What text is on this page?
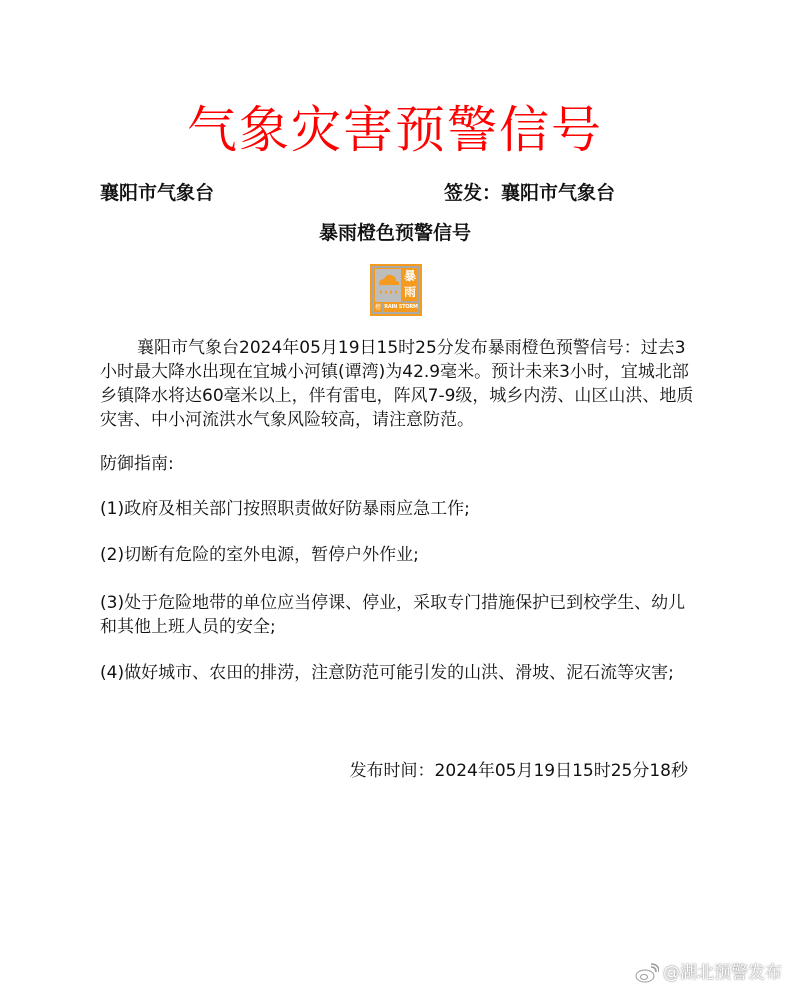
气象灾害预警信号
襄阳市气象台	签发：襄阳市气象台
暴雨橙色预警信号
暴雨
橙 RAIN STORM
襄阳市气象台2024年05月19日15时25分发布暴雨橙色预警信号：过去3小时最大降水出现在宜城小河镇(谭湾)为42.9毫米。预计未来3小时，宜城北部乡镇降水将达60毫米以上，伴有雷电，阵风7-9级，城乡内涝、山区山洪、地质灾害、中小河流洪水气象风险较高，请注意防范。
防御指南:
(1)政府及相关部门按照职责做好防暴雨应急工作;
(2)切断有危险的室外电源，暂停户外作业;
(3)处于危险地带的单位应当停课、停业，采取专门措施保护已到校学生、幼儿和其他上班人员的安全;
(4)做好城市、农田的排涝，注意防范可能引发的山洪、滑坡、泥石流等灾害;
发布时间：2024年05月19日15时25分18秒
@湖北预警发布
